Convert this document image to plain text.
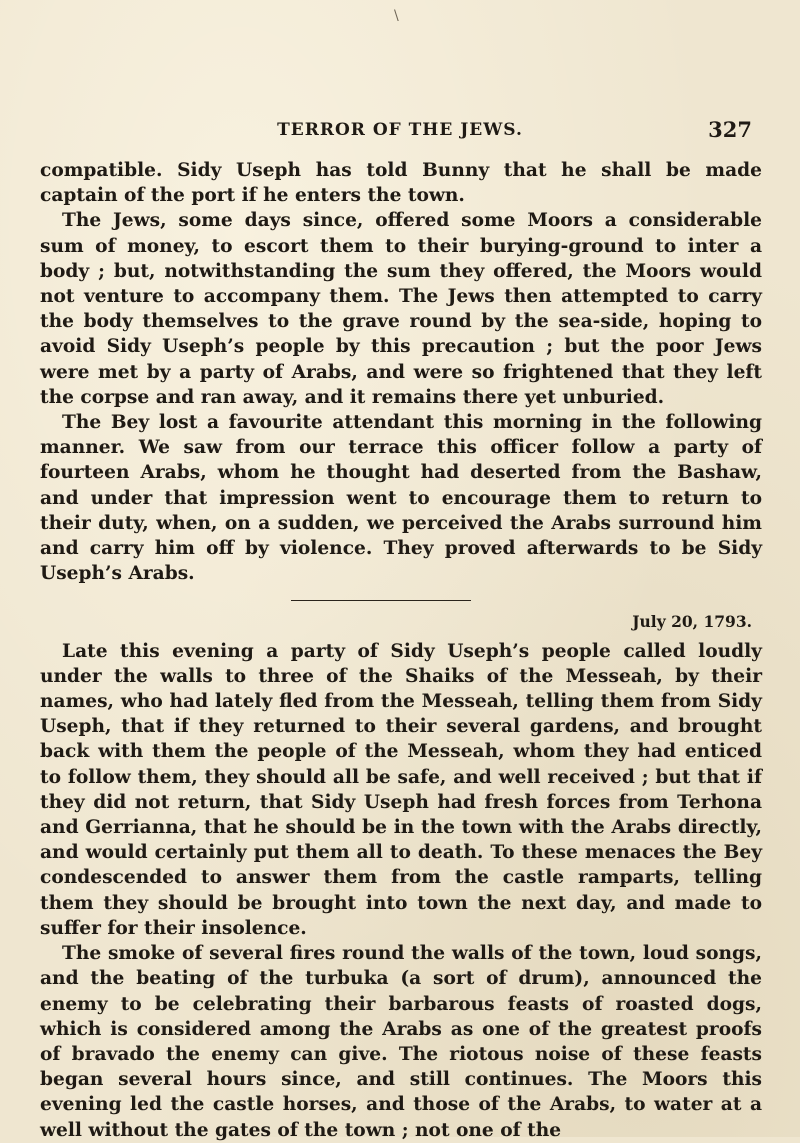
\
TERROR OF THE JEWS.	327

compatible. Sidy Useph has told Bunny that he shall be made captain of the port if he enters the town.

The Jews, some days since, offered some Moors a considerable sum of money, to escort them to their burying-ground to inter a body ; but, notwithstanding the sum they offered, the Moors would not venture to accompany them. The Jews then attempted to carry the body themselves to the grave round by the sea-side, hoping to avoid Sidy Useph’s people by this precaution ; but the poor Jews were met by a party of Arabs, and were so frightened that they left the corpse and ran away, and it remains there yet unburied.

The Bey lost a favourite attendant this morning in the following manner. We saw from our terrace this officer follow a party of fourteen Arabs, whom he thought had deserted from the Bashaw, and under that impression went to encourage them to return to their duty, when, on a sudden, we perceived the Arabs surround him and carry him off by violence. They proved afterwards to be Sidy Useph’s Arabs.

July 20, 1793.

Late this evening a party of Sidy Useph’s people called loudly under the walls to three of the Shaiks of the Messeah, by their names, who had lately fled from the Messeah, telling them from Sidy Useph, that if they returned to their several gardens, and brought back with them the people of the Messeah, whom they had enticed to follow them, they should all be safe, and well received ; but that if they did not return, that Sidy Useph had fresh forces from Terhona and Gerrianna, that he should be in the town with the Arabs directly, and would certainly put them all to death. To these menaces the Bey condescended to answer them from the castle ramparts, telling them they should be brought into town the next day, and made to suffer for their insolence.

The smoke of several fires round the walls of the town, loud songs, and the beating of the turbuka (a sort of drum), announced the enemy to be celebrating their barbarous feasts of roasted dogs, which is considered among the Arabs as one of the greatest proofs of bravado the enemy can give. The riotous noise of these feasts began several hours since, and still continues. The Moors this evening led the castle horses, and those of the Arabs, to water at a well without the gates of the town ; not one of the
